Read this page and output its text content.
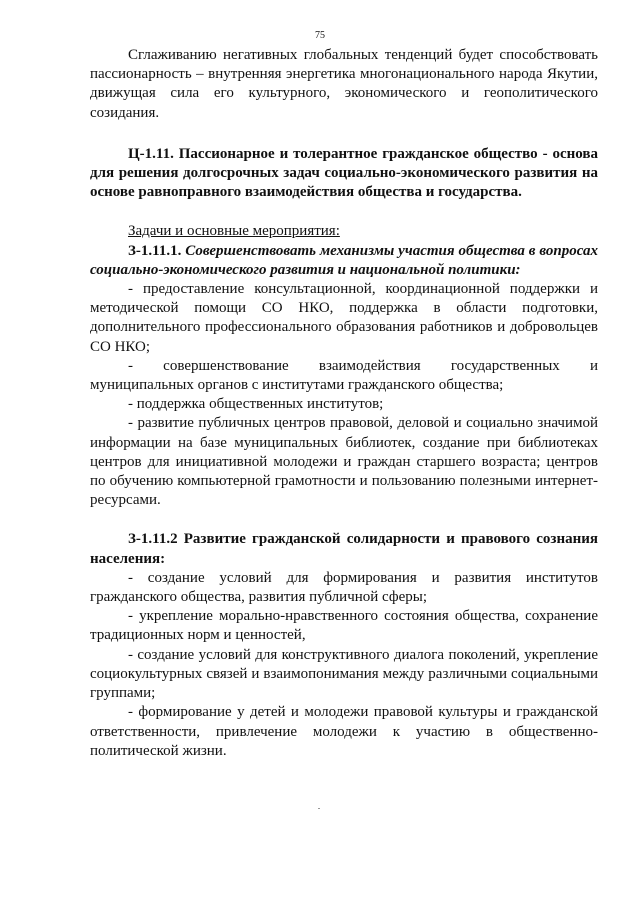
75

Сглаживанию негативных глобальных тенденций будет способствовать пассионарность – внутренняя энергетика многонационального народа Якутии, движущая сила его культурного, экономического и геополитического созидания.

Ц-1.11. Пассионарное и толерантное гражданское общество - основа для решения долгосрочных задач социально-экономического развития на основе равноправного взаимодействия общества и государства.

Задачи и основные мероприятия:

З-1.11.1. Совершенствовать механизмы участия общества в вопросах социально-экономического развития и национальной политики:

- предоставление консультационной, координационной поддержки и методической помощи СО НКО, поддержка в области подготовки, дополнительного профессионального образования работников и добровольцев СО НКО;

- совершенствование взаимодействия государственных и муниципальных органов с институтами гражданского общества;

- поддержка общественных институтов;

- развитие публичных центров правовой, деловой и социально значимой информации на базе муниципальных библиотек, создание при библиотеках центров для инициативной молодежи и граждан старшего возраста; центров по обучению компьютерной грамотности и пользованию полезными интернет-ресурсами.

З-1.11.2 Развитие гражданской солидарности и правового сознания населения:

- создание условий для формирования и развития институтов гражданского общества, развития публичной сферы;

- укрепление морально-нравственного состояния общества, сохранение традиционных норм и ценностей,

- создание условий для конструктивного диалога поколений, укрепление социокультурных связей и взаимопонимания между различными социальными группами;

- формирование у детей и молодежи правовой культуры и гражданской ответственности, привлечение молодежи к участию в общественно-политической жизни.
